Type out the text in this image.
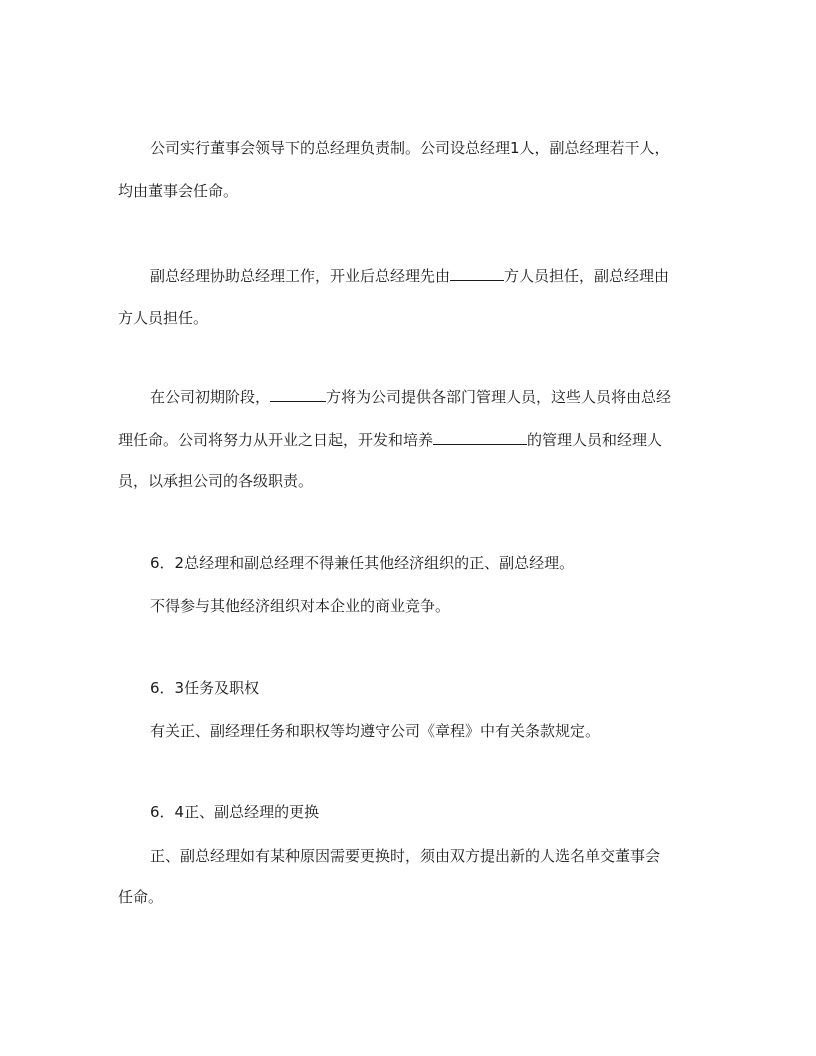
公司实行董事会领导下的总经理负责制。公司设总经理1人，副总经理若干人，
均由董事会任命。
副总经理协助总经理工作，开业后总经理先由	方人员担任，副总经理由
方人员担任。
在公司初期阶段，	方将为公司提供各部门管理人员，这些人员将由总经
理任命。公司将努力从开业之日起，开发和培养	的管理人员和经理人
员，以承担公司的各级职责。
6．2总经理和副总经理不得兼任其他经济组织的正、副总经理。
不得参与其他经济组织对本企业的商业竞争。
6．3任务及职权
有关正、副经理任务和职权等均遵守公司《章程》中有关条款规定。
6．4正、副总经理的更换
正、副总经理如有某种原因需要更换时，须由双方提出新的人选名单交董事会
任命。
